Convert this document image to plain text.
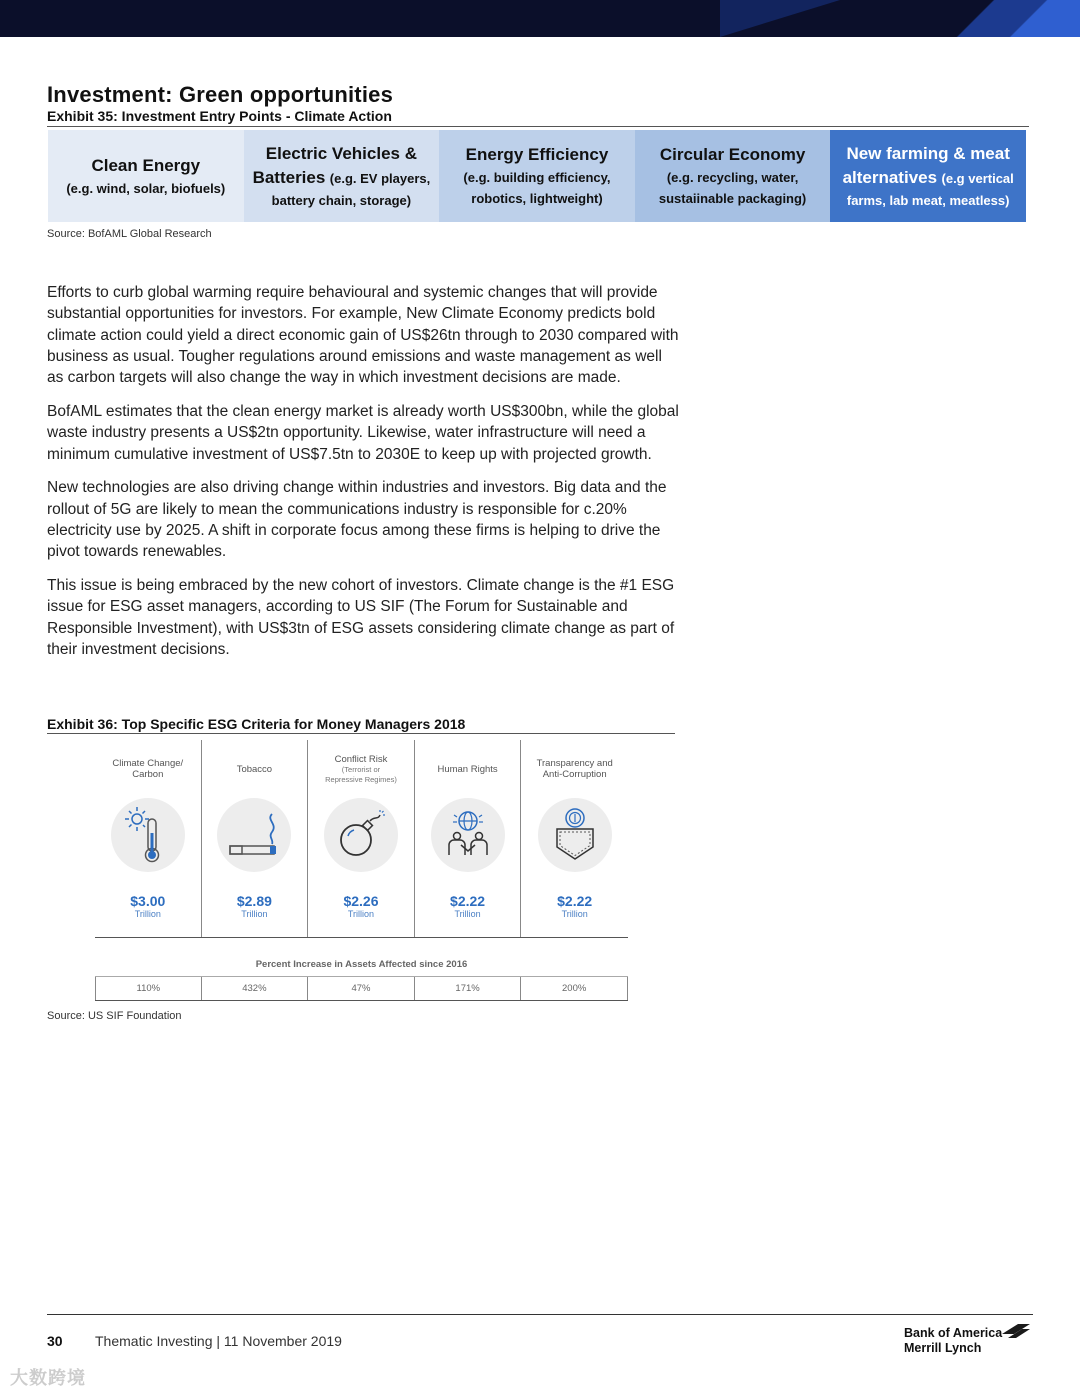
Investment: Green opportunities
Exhibit 35: Investment Entry Points - Climate Action
Clean Energy
(e.g. wind, solar, biofuels)
Electric Vehicles &
Batteries (e.g. EV players,
battery chain, storage)
Energy Efficiency
(e.g. building efficiency,
robotics, lightweight)
Circular Economy
(e.g. recycling, water,
sustaiinable packaging)
New farming & meat
alternatives (e.g vertical
farms, lab meat, meatless)
Source: BofAML Global Research

Efforts to curb global warming require behavioural and systemic changes that will provide substantial opportunities for investors. For example, New Climate Economy predicts bold climate action could yield a direct economic gain of US$26tn through to 2030 compared with business as usual. Tougher regulations around emissions and waste management as well as carbon targets will also change the way in which investment decisions are made.

BofAML estimates that the clean energy market is already worth US$300bn, while the global waste industry presents a US$2tn opportunity. Likewise, water infrastructure will need a minimum cumulative investment of US$7.5tn to 2030E to keep up with projected growth.

New technologies are also driving change within industries and investors. Big data and the rollout of 5G are likely to mean the communications industry is responsible for c.20% electricity use by 2025. A shift in corporate focus among these firms is helping to drive the pivot towards renewables.

This issue is being embraced by the new cohort of investors. Climate change is the #1 ESG issue for ESG asset managers, according to US SIF (The Forum for Sustainable and Responsible Investment), with US$3tn of ESG assets considering climate change as part of their investment decisions.

Exhibit 36: Top Specific ESG Criteria for Money Managers 2018
Climate Change/
Carbon
$3.00
Trillion
Tobacco
$2.89
Trillion
Conflict Risk
(Terrorist or
Repressive Regimes)
$2.26
Trillion
Human Rights
$2.22
Trillion
Transparency and
Anti-Corruption
$2.22
Trillion
Percent Increase in Assets Affected since 2016
110%	432%	47%	171%	200%
Source: US SIF Foundation
30 Thematic Investing | 11 November 2019	Bank of America
Merrill Lynch
大数跨境
